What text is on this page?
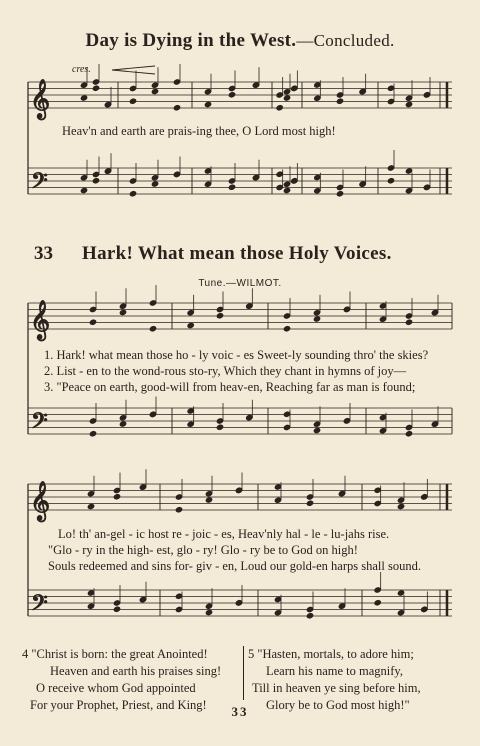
Day is Dying in the West.—Concluded.
cres.
𝄞
𝄢
𝄞
𝄢
𝄞
𝄢
Heav'n and earth are prais-ing thee, O Lord most high!
33 Hark! What mean those Holy Voices.
Tune.—WILMOT.
1. Hark! what mean those ho - ly voic - es Sweet-ly sounding thro' the skies?
2. List - en to the wond-rous sto-ry, Which they chant in hymns of joy—
3. "Peace on earth, good-will from heav-en, Reaching far as man is found;
Lo! th' an-gel - ic host re - joic - es, Heav'nly hal - le - lu-jahs rise.
"Glo - ry in the high- est, glo - ry! Glo - ry be to God on high!
Souls redeemed and sins for- giv - en, Loud our gold-en harps shall sound.
4 "Christ is born: the great Anointed!
Heaven and earth his praises sing!
O receive whom God appointed
For your Prophet, Priest, and King!
5 "Hasten, mortals, to adore him;
Learn his name to magnify,
Till in heaven ye sing before him,
Glory be to God most high!"
33
